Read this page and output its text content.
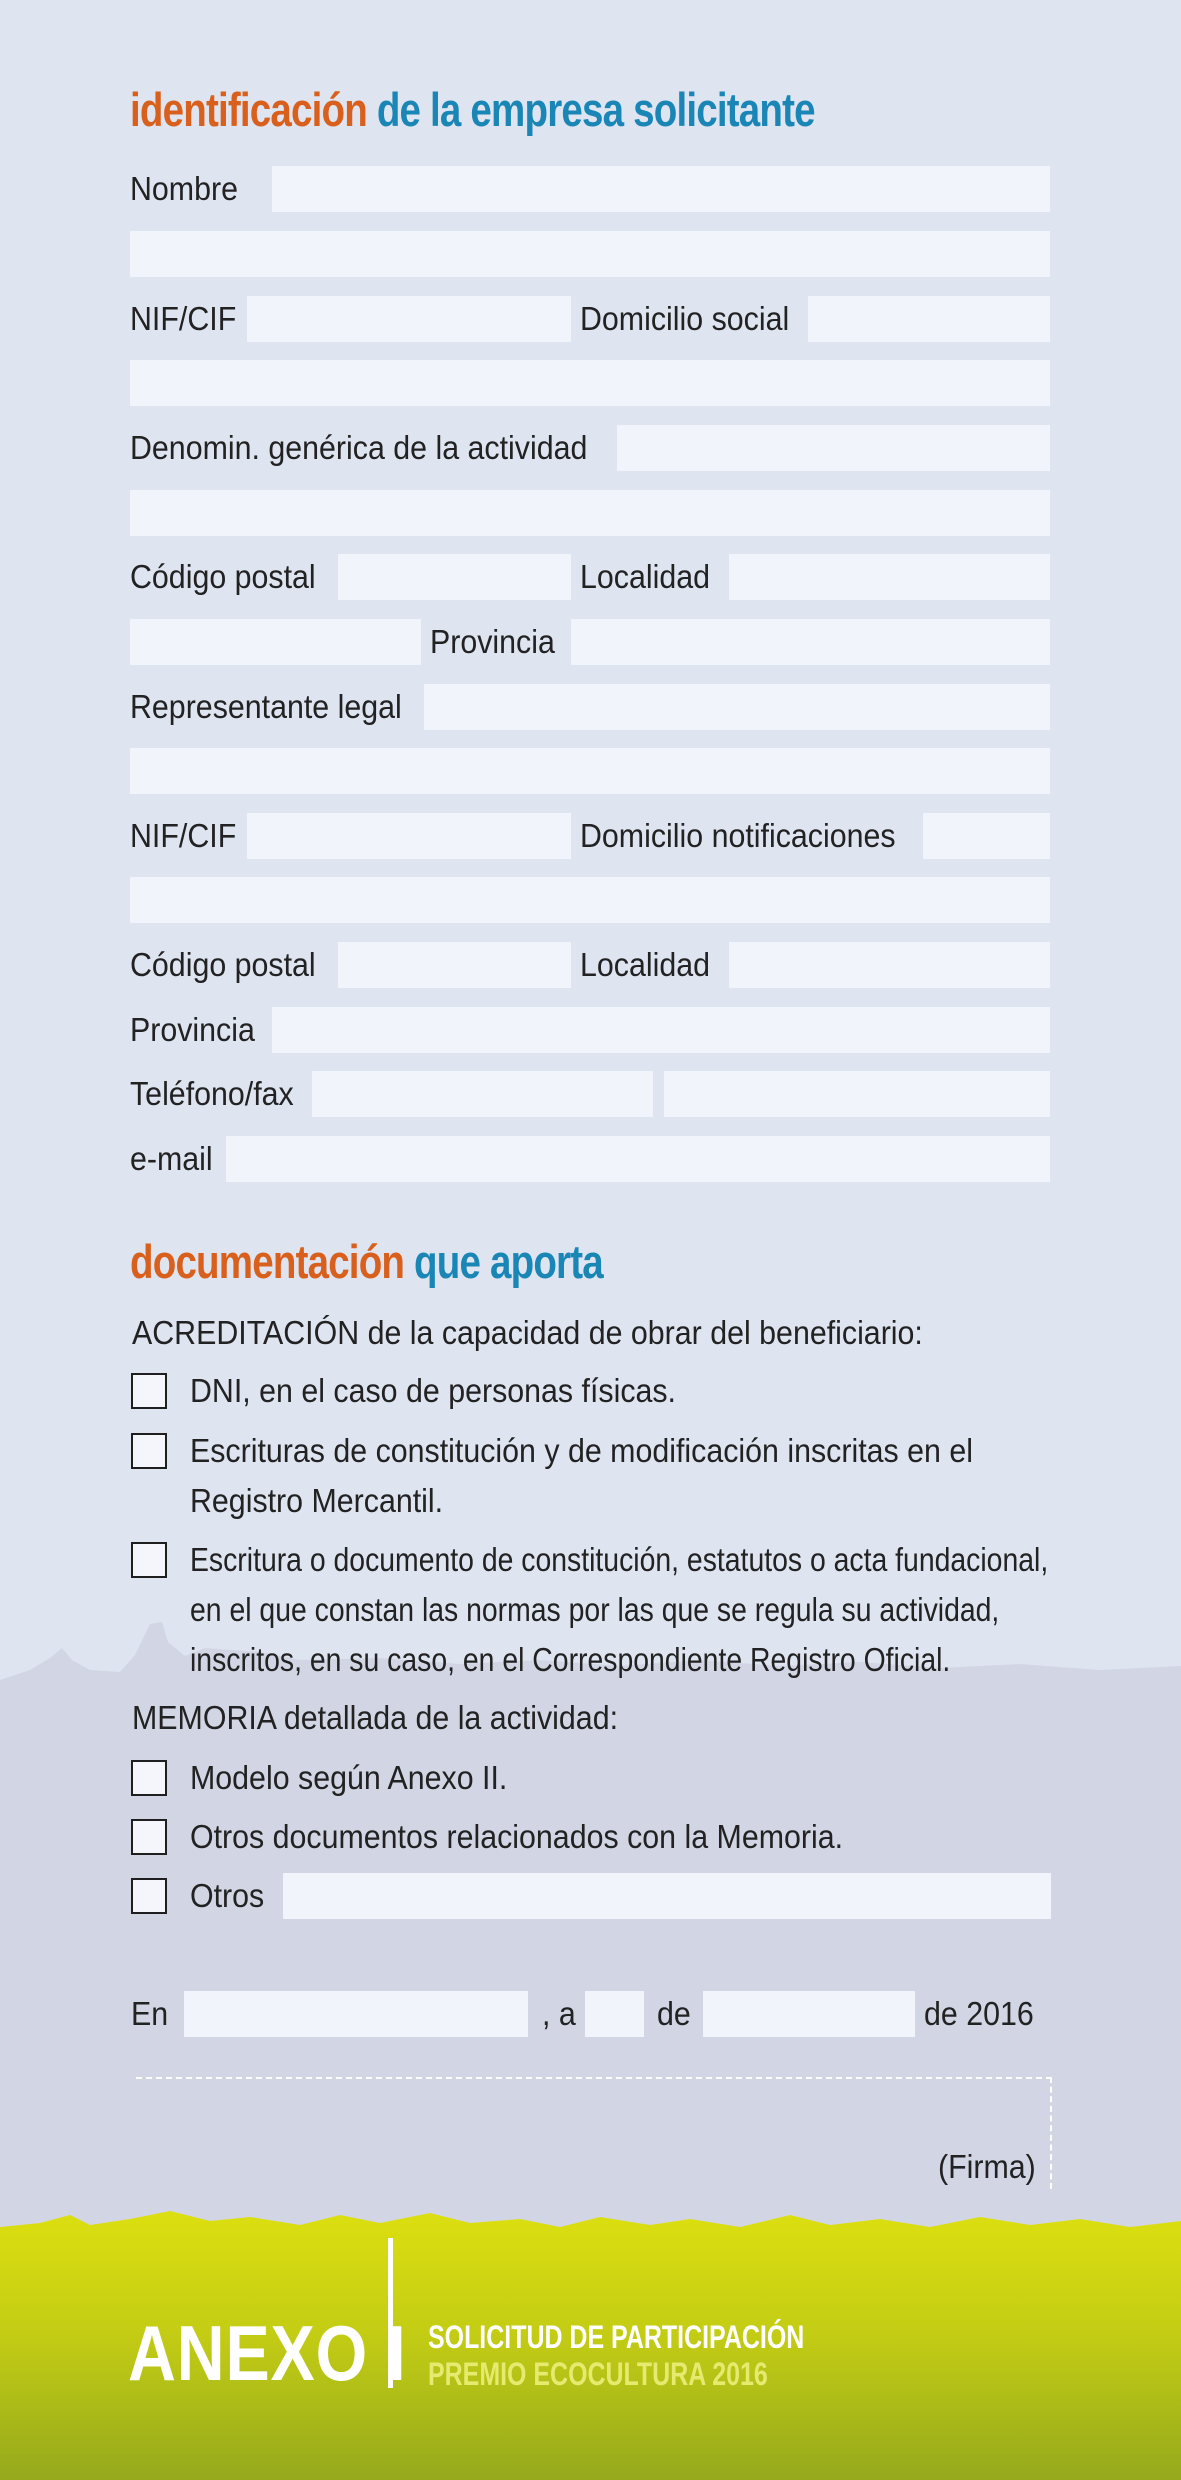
identificación de la empresa solicitante
Nombre
NIF/CIF	Domicilio social
Denomin. genérica de la actividad
Código postal	Localidad
Provincia
Representante legal
NIF/CIF	Domicilio notificaciones
Código postal	Localidad
Provincia
Teléfono/fax
e-mail
documentación que aporta
ACREDITACIÓN de la capacidad de obrar del beneficiario:
DNI, en el caso de personas físicas.
Escrituras de constitución y de modificación inscritas en el
Registro Mercantil.
Escritura o documento de constitución, estatutos o acta fundacional,
en el que constan las normas por las que se regula su actividad,
inscritos, en su caso, en el Correspondiente Registro Oficial.
MEMORIA detallada de la actividad:
Modelo según Anexo II.
Otros documentos relacionados con la Memoria.
Otros
En	, a de	de 2016
(Firma)
ANEXO I SOLICITUD DE PARTICIPACIÓN
PREMIO ECOCULTURA 2016
